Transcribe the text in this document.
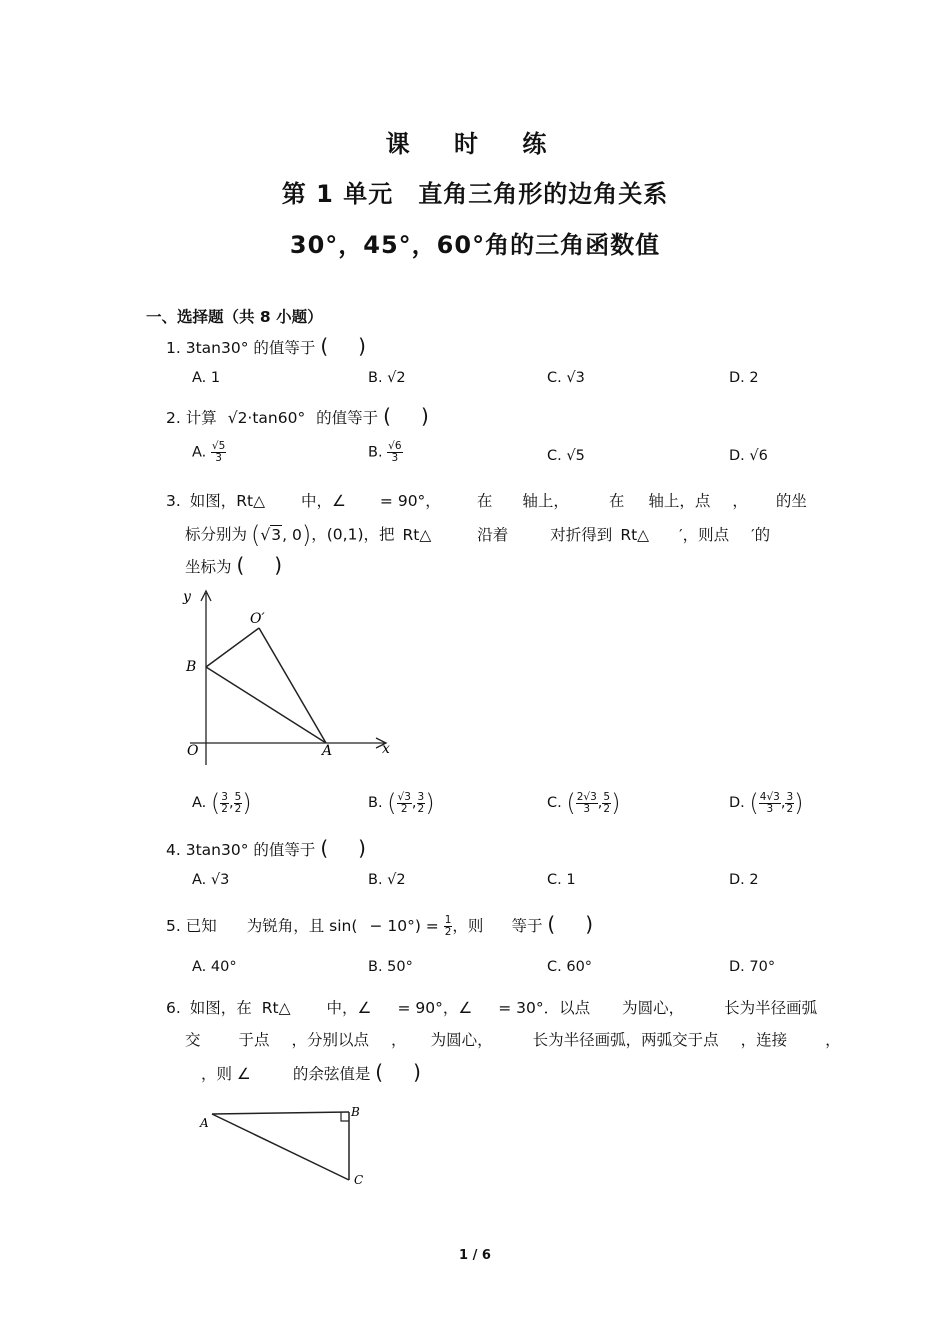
课 时 练
第 1 单元　直角三角形的边角关系
30°，45°，60°角的三角函数值
一、选择题（共 8 小题）
1. 3tan30° 的值等于 ( )
A. 1	B. √2	C. √3	D. 2
2. 计算 √2·tan60° 的值等于 ( )
A. $\frac{√5}{3}$	B. $\frac{√6}{3}$	C. √5	D. √6
3. 如图，Rt△ 中，∠ = 90°， 在 轴上，	在 轴上，点 ， 的坐
标分别为 (√3, 0)，(0,1)，把 Rt△	沿着	对折得到 Rt△ ′，则点 ′的
坐标为 ( )
y
x
O	A
B
O′
A. ( $\frac{3}{2}$ , $\frac{5}{2}$ )	B. ( $\frac{√3}{2}$ , $\frac{3}{2}$ )	C. ( $\frac{2√3}{3}$ , $\frac{5}{2}$ )	D. ( $\frac{4√3}{3}$ , $\frac{3}{2}$ )
4. 3tan30° 的值等于 ( )
A. √3	B. √2	C. 1	D. 2
5. 已知 为锐角，且 $\sin( - 10^\circ) = \frac{1}{2}$ ，则 等于 ( )
A. 40°	B. 50°	C. 60°	D. 70°
6. 如图，在 Rt△ 中，∠ = 90°，∠ = 30°．以点 为圆心，	长为半径画弧
交 于点 ，分别以点 ， 为圆心，	长为半径画弧，两弧交于点 ，连接 ，
，则 ∠	的余弦值是 ( )
A
B
C
1 / 6
